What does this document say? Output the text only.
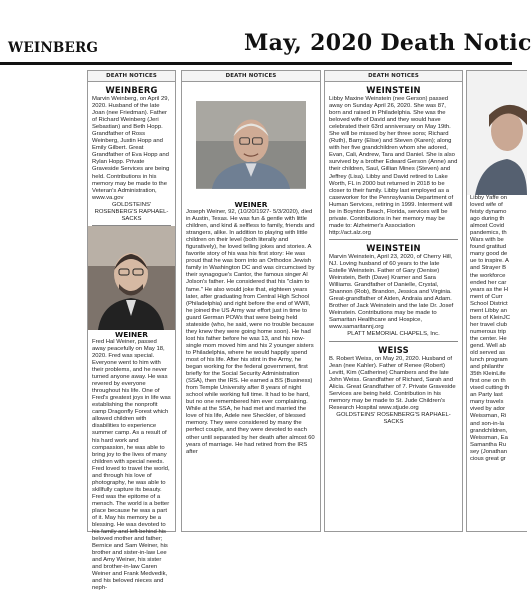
WEINBERG	May, 2020 Death Notic
DEATH NOTICES
WEINBERG

Marvin Weinberg, on April 29, 2020. Husband of the late Joan (nee Friedman). Father of Richard Weinberg (Jeri Sebastian) and Beth Hopp. Grandfather of Ross Weinberg, Justin Hopp and Emily Gilbert. Great Grandfather of Eva Hopp and Rylan Hopp. Private Graveside Services are being held. Contributions in his memory may be made to the Veteran's Administration, www.va.gov

GOLDSTEINS' ROSENBERG'S RAPHAEL-SACKS
WEINER

Fred Hal Weiner, passed away peacefully on May 18, 2020. Fred was special. Everyone went to him with their problems, and he never turned anyone away. He was revered by everyone throughout his life. One of Fred's greatest joys in life was establishing the nonprofit camp Dragonfly Forest which allowed children with disabilities to experience summer camp. As a result of his hard work and compassion, he was able to bring joy to the lives of many children with special needs. Fred loved to travel the world, and through his love of photography, he was able to skillfully capture its beauty. Fred was the epitome of a mensch. The world is a better place because he was a part of it. May his memory be a blessing. He was devoted to his family and left behind his beloved mother and father; Bernice and Sam Weiner, his brother and sister-in-law Lee and Amy Weiner, his sister and brother-in-law Caren Weiner and Frank Medvedik, and his beloved nieces and neph-

DEATH NOTICES
WEINER

Joseph Weiner, 92, (10/20/1927- 5/3/2020), died in Austin, Texas. He was fun & gentle with little children, and kind & selfless to family, friends and strangers, alike. In addition to playing with little children on their level (both literally and figuratively), he loved telling jokes and stories. A favorite story of his was his first story: He was proud that he was born into an Orthodox Jewish family in Washington DC and was circumcised by their synagogue's Cantor, the famous singer Al Jolson's father. He considered that his "claim to fame." He also would joke that, eighteen years later, after graduating from Central High School (Philadelphia) and right before the end of WWII, he joined the US Army war effort just in time to guard German POWs that were being held stateside (who, he said, were no trouble because they knew they were going home soon). He had lost his father before he was 13, and his now-single mom moved him and his 2 younger sisters to Philadelphia, where he would happily spend most of his life. After his stint in the Army, he began working for the federal government, first briefly for the Social Security Administration (SSA), then the IRS. He earned a BS (Business) from Temple University after 8 years of night school while working full time. It had to be hard, but no one remembered him ever complaining. While at the SSA, he had met and married the love of his life, Adele nee Sheckler, of blessed memory. They were considered by many the perfect couple, and they were devoted to each other until separated by her death after almost 60 years of marriage. He had retired from the IRS after

DEATH NOTICES
WEINSTEIN

Libby Maxine Weinstein (nee Gerson) passed away on Sunday April 26, 2020. She was 87, born and raised in Philadelphia. She was the beloved wife of David and they would have celebrated their 63rd anniversary on May 19th. She will be missed by her three sons; Richard (Ruth), Barry (Elise) and Steven (Karen); along with her five grandchildren whom she adored, Evan, Cali, Andrew, Tara and Daniel. She is also survived by a brother Edward Gerson (Anne) and their children, Saul, Gillian Mines (Steven) and Jeffrey (Lisa). Libby and David retired to Lake Worth, FL in 2000 but returned in 2018 to be closer to their family. Libby last employed as a caseworker for the Pennsylvania Department of Human Services, retiring in 1999. Interment will be in Boynton Beach, Florida, services will be private. Contributions in her memory may be made to: Alzheimer's Association http://act.alz.org

WEINSTEIN

Marvin Weinstein, April 23, 2020, of Cherry Hill, NJ. Loving husband of 60 years to the late Estelle Weinstein. Father of Gary (Denise) Weinstein, Beth (Dave) Kramer and Sara Williams. Grandfather of Danielle, Crystal, Shannon (Rob), Brandon, Jessica and Virginia. Great-grandfather of Aiden, Andraia and Adam. Brother of Jack Weinstein and the late Dr. Josef Weinstein. Contributions may be made to Samaritan Healthcare and Hospice, www.samaritannj.org

PLATT MEMORIAL CHAPELS, Inc.
WEISS

B. Robert Weiss, on May 20, 2020. Husband of Jean (nee Kahler). Father of Renee (Robert) Levitt, Kim (Catherine) Chambers and the late John Weiss. Grandfather of Richard, Sarah and Alicia. Great Grandfather of 7. Private Graveside Services are being held. Contribution in his memory may be made to St. Jude Children's Research Hospital www.stjude.org

GOLDSTEINS' ROSENBERG'S RAPHAEL-SACKS
Libby Yaffe on
loved wife of
feisty dynamo
ago during th
almost Covid
pandemics, th
Wars with be
found gratitud
many good de
ue to inspire. A
and Strayer B
the workforce
ended her car
years as the H
ment of Curr
School District
ment Libby an
bers of KleinJC
her travel club
numerous trip
the center. He
gend. Well ab
old served as
lunch program
and philanthr
35th KleinLife
first one on th
vised cutting th
an Party last
many travels
vived by ador
Weissman, Ri
and son-in-la
grandchildren,
Weissman, Ea
Samantha Ru
sey (Jonathan
cious great gr
